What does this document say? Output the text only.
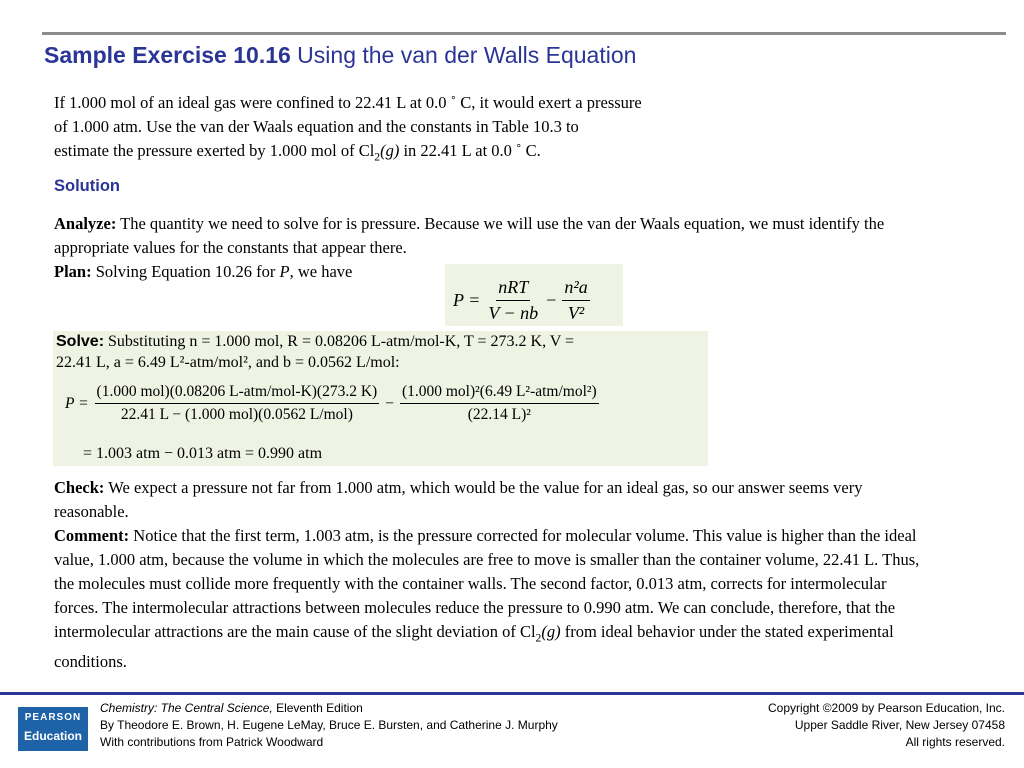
Sample Exercise 10.16 Using the van der Walls Equation
If 1.000 mol of an ideal gas were confined to 22.41 L at 0.0 ˚ C, it would exert a pressure
of 1.000 atm. Use the van der Waals equation and the constants in Table 10.3 to
estimate the pressure exerted by 1.000 mol of $Cl_2(g)$ in 22.41 L at 0.0 ˚ C.
Solution
Analyze: The quantity we need to solve for is pressure. Because we will use the van der Waals equation, we must identify the appropriate values for the constants that appear there.
Plan: Solving Equation 10.26 for P, we have
$P = \frac{\text{nRT}}{V - nb} - \frac{\text{n²a}}{\text{V²}}$
Solve: Substituting n = 1.000 mol, R = 0.08206 L-atm/mol-K, T = 273.2 K, V =
22.41 L, a = 6.49 L²-atm/mol², and b = 0.0562 L/mol:
$P = \frac{\text{(1.000 mol)(0.08206 L-atm/mol-K)(273.2 K)}}{\text{22.41 L − (1.000 mol)(0.0562 L/mol)}} - \frac{\text{(1.000 mol)²(6.49 L²-atm/mol²)}}{\text{(22.14 L)²}}$
= 1.003 atm − 0.013 atm = 0.990 atm
Check: We expect a pressure not far from 1.000 atm, which would be the value for an ideal gas, so our answer seems very reasonable.
Comment: Notice that the first term, 1.003 atm, is the pressure corrected for molecular volume. This value is higher than the ideal value, 1.000 atm, because the volume in which the molecules are free to move is smaller than the container volume, 22.41 L. Thus, the molecules must collide more frequently with the container walls. The second factor, 0.013 atm, corrects for intermolecular forces. The intermolecular attractions between molecules reduce the pressure to 0.990 atm. We can conclude, therefore, that the intermolecular attractions are the main cause of the slight deviation of $Cl_2(g)$ from ideal behavior under the stated experimental conditions.
PEARSON
Education
Chemistry: The Central Science, Eleventh Edition
By Theodore E. Brown, H. Eugene LeMay, Bruce E. Bursten, and Catherine J. Murphy
With contributions from Patrick Woodward
Copyright ©2009 by Pearson Education, Inc.
Upper Saddle River, New Jersey 07458
All rights reserved.
